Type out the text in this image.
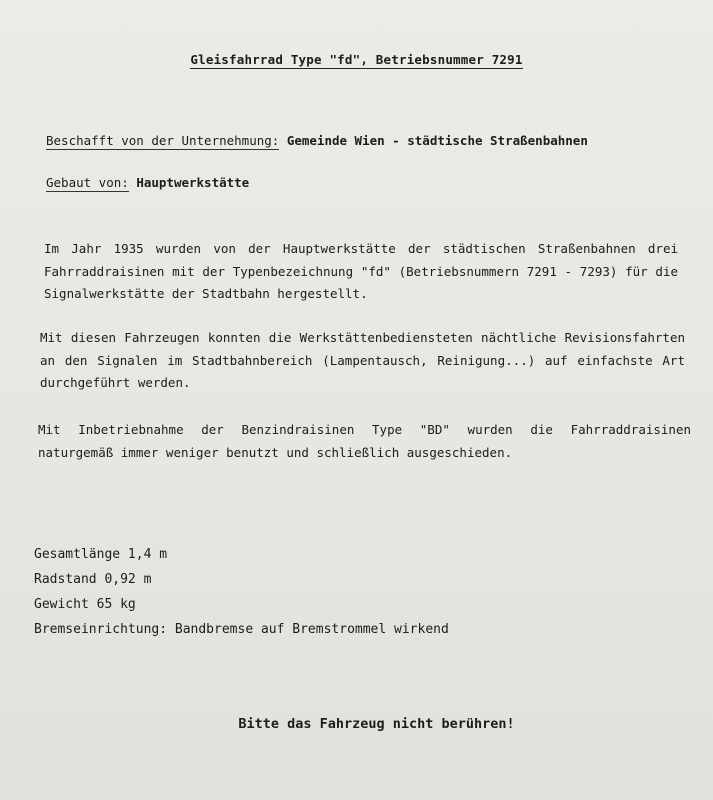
Gleisfahrrad Type "fd", Betriebsnummer 7291
Beschafft von der Unternehmung: Gemeinde Wien - städtische Straßenbahnen
Gebaut von: Hauptwerkstätte

Im Jahr 1935 wurden von der Hauptwerkstätte der städtischen Straßenbahnen drei Fahrraddraisinen mit der Typenbezeichnung "fd" (Betriebsnummern 7291 - 7293) für die Signalwerkstätte der Stadtbahn hergestellt.

Mit diesen Fahrzeugen konnten die Werkstättenbediensteten nächtliche Revisionsfahrten an den Signalen im Stadtbahnbereich (Lampentausch, Reinigung...) auf einfachste Art durchgeführt werden.

Mit Inbetriebnahme der Benzindraisinen Type "BD" wurden die Fahrraddraisinen naturgemäß immer weniger benutzt und schließlich ausgeschieden.

Gesamtlänge 1,4 m
Radstand 0,92 m
Gewicht 65 kg
Bremseinrichtung: Bandbremse auf Bremstrommel wirkend
Bitte das Fahrzeug nicht berühren!
